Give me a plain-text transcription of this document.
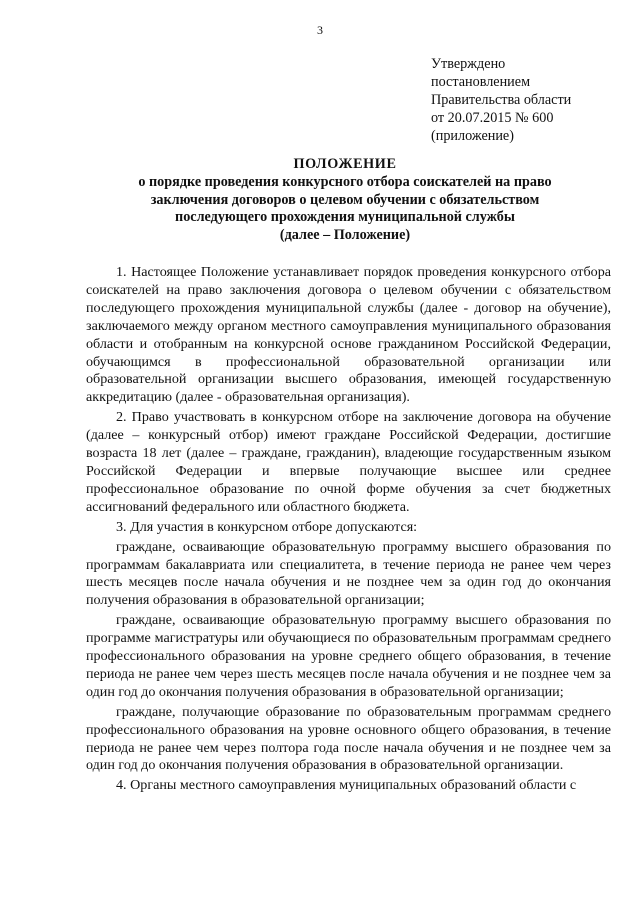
3
Утверждено
постановлением
Правительства области
от 20.07.2015 № 600
(приложение)
ПОЛОЖЕНИЕ
о порядке проведения конкурсного отбора соискателей на право
заключения договоров о целевом обучении с обязательством
последующего прохождения муниципальной службы
(далее – Положение)

1. Настоящее Положение устанавливает порядок проведения конкурсного отбора соискателей на право заключения договора о целевом обучении с обязательством последующего прохождения муниципальной службы (далее - договор на обучение), заключаемого между органом местного самоуправления муниципального образования области и отобранным на конкурсной основе гражданином Российской Федерации, обучающимся в профессиональной образовательной организации или образовательной организации высшего образования, имеющей государственную аккредитацию (далее - образовательная организация).

2. Право участвовать в конкурсном отборе на заключение договора на обучение (далее – конкурсный отбор) имеют граждане Российской Федерации, достигшие возраста 18 лет (далее – граждане, гражданин), владеющие государственным языком Российской Федерации и впервые получающие высшее или среднее профессиональное образование по очной форме обучения за счет бюджетных ассигнований федерального или областного бюджета.

3. Для участия в конкурсном отборе допускаются:

граждане, осваивающие образовательную программу высшего образования по программам бакалавриата или специалитета, в течение периода не ранее чем через шесть месяцев после начала обучения и не позднее чем за один год до окончания получения образования в образовательной организации;

граждане, осваивающие образовательную программу высшего образования по программе магистратуры или обучающиеся по образовательным программам среднего профессионального образования на уровне среднего общего образования, в течение периода не ранее чем через шесть месяцев после начала обучения и не позднее чем за один год до окончания получения образования в образовательной организации;

граждане, получающие образование по образовательным программам среднего профессионального образования на уровне основного общего образования, в течение периода не ранее чем через полтора года после начала обучения и не позднее чем за один год до окончания получения образования в образовательной организации.

4. Органы местного самоуправления муниципальных образований области с
